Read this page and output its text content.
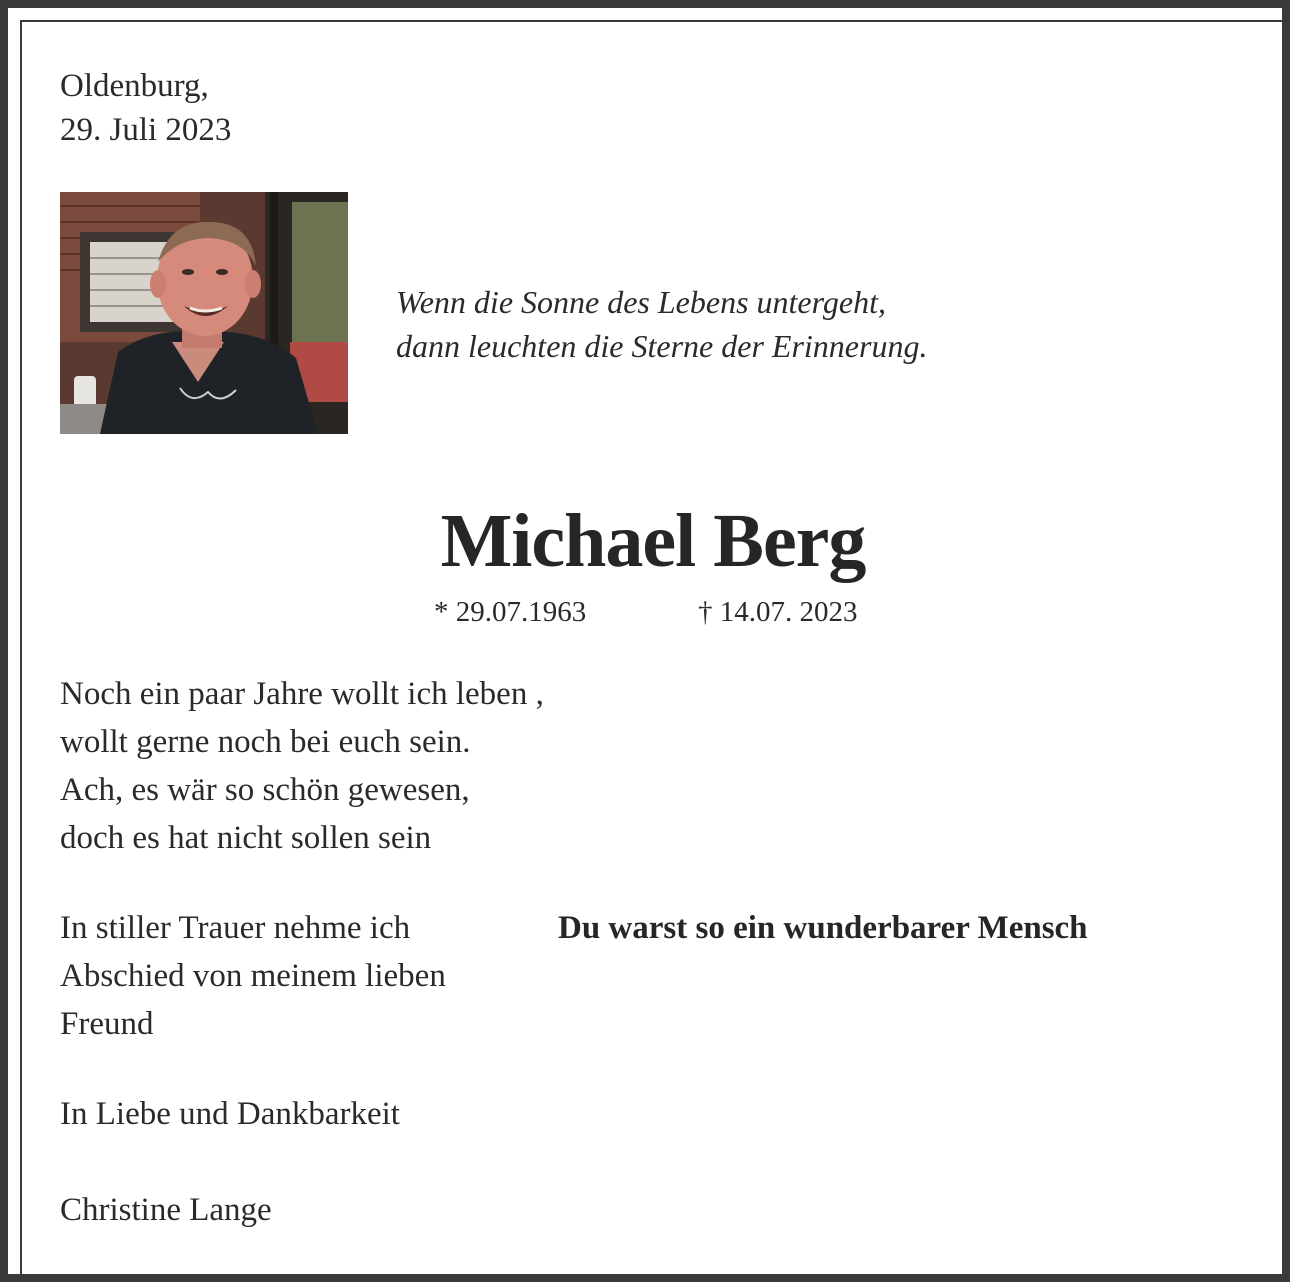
Oldenburg,
29. Juli 2023
Wenn die Sonne des Lebens untergeht,
dann leuchten die Sterne der Erinnerung.
Michael Berg
* 29.07.1963	† 14.07. 2023
Noch ein paar Jahre wollt ich leben ,
wollt gerne noch bei euch sein.
Ach, es wär so schön gewesen,
doch es hat nicht sollen sein
In stiller Trauer nehme ich
Abschied von meinem lieben
Freund
Du warst so ein wunderbarer Mensch
In Liebe und Dankbarkeit
Christine Lange
